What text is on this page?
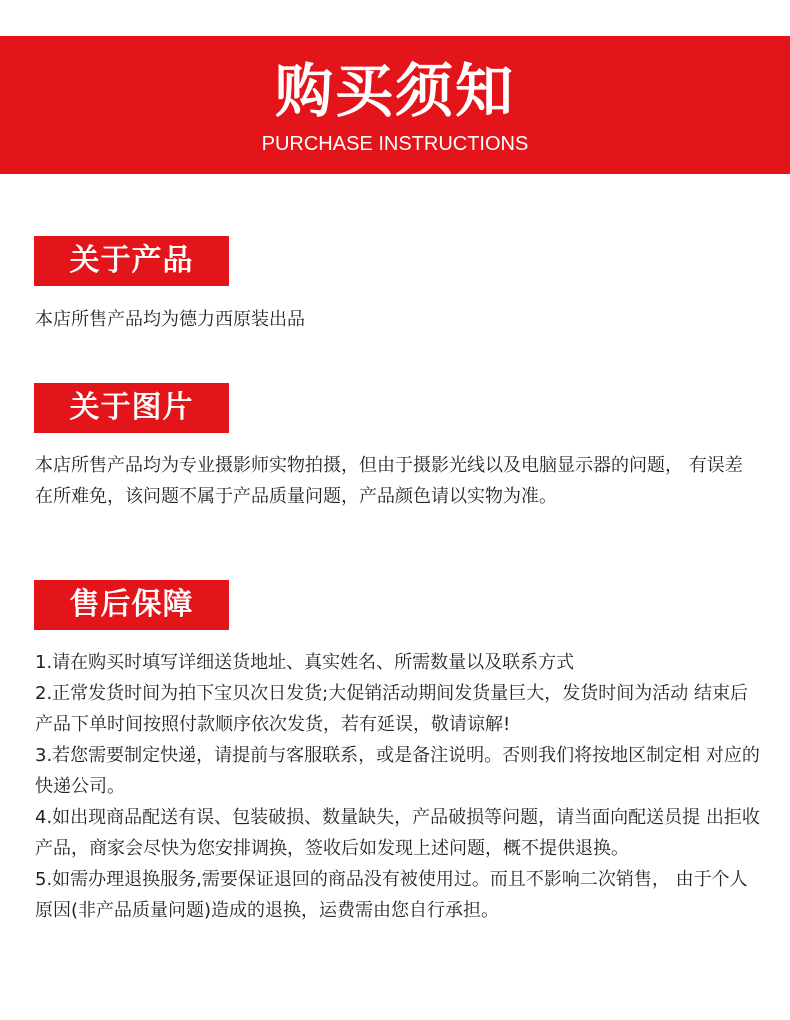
购买须知
PURCHASE INSTRUCTIONS
关于产品

本店所售产品均为德力西原装出品

关于图片

本店所售产品均为专业摄影师实物拍摄，但由于摄影光线以及电脑显示器的问题， 有误差在所难免，该问题不属于产品质量问题，产品颜色请以实物为准。

售后保障

1.请在购买时填写详细送货地址、真实姓名、所需数量以及联系方式

2.正常发货时间为拍下宝贝次日发货;大促销活动期间发货量巨大，发货时间为活动 结束后产品下单时间按照付款顺序依次发货，若有延误，敬请谅解!

3.若您需要制定快递，请提前与客服联系，或是备注说明。否则我们将按地区制定相 对应的快递公司。

4.如出现商品配送有误、包装破损、数量缺失，产品破损等问题，请当面向配送员提 出拒收产品，商家会尽快为您安排调换，签收后如发现上述问题，概不提供退换。

5.如需办理退换服务,需要保证退回的商品没有被使用过。而且不影响二次销售， 由于个人原因(非产品质量问题)造成的退换，运费需由您自行承担。
